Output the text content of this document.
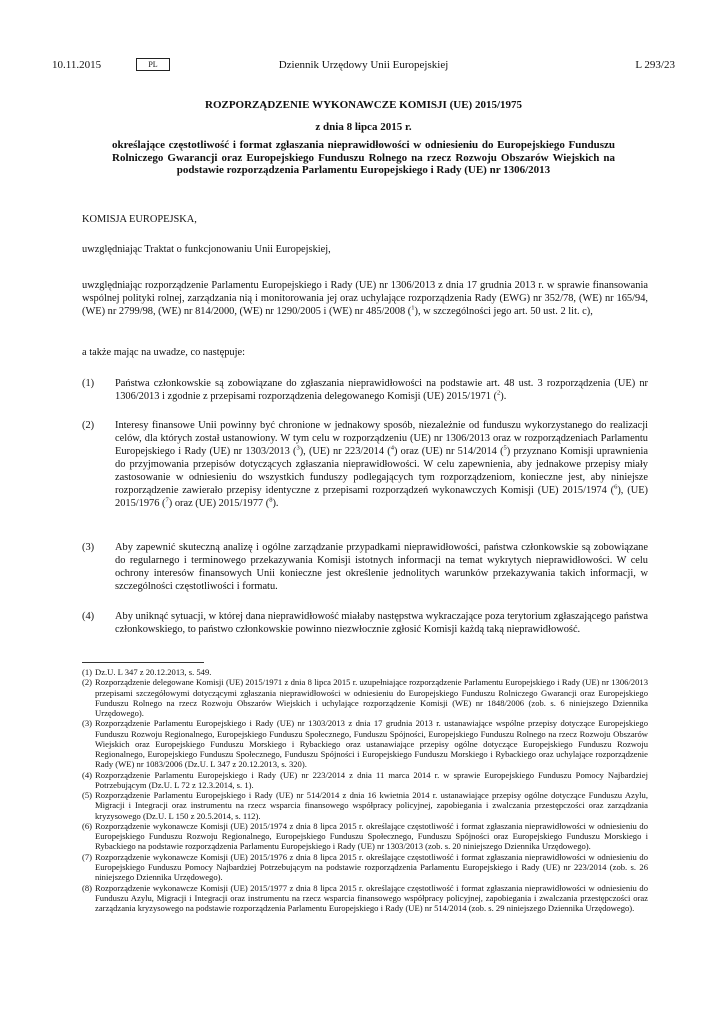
10.11.2015	PL	Dziennik Urzędowy Unii Europejskiej	L 293/23
ROZPORZĄDZENIE WYKONAWCZE KOMISJI (UE) 2015/1975
z dnia 8 lipca 2015 r.
określające częstotliwość i format zgłaszania nieprawidłowości w odniesieniu do Europejskiego Funduszu Rolniczego Gwarancji oraz Europejskiego Funduszu Rolnego na rzecz Rozwoju Obszarów Wiejskich na podstawie rozporządzenia Parlamentu Europejskiego i Rady (UE) nr 1306/2013
KOMISJA EUROPEJSKA,
uwzględniając Traktat o funkcjonowaniu Unii Europejskiej,
uwzględniając rozporządzenie Parlamentu Europejskiego i Rady (UE) nr 1306/2013 z dnia 17 grudnia 2013 r. w sprawie finansowania wspólnej polityki rolnej, zarządzania nią i monitorowania jej oraz uchylające rozporządzenia Rady (EWG) nr 352/78, (WE) nr 165/94, (WE) nr 2799/98, (WE) nr 814/2000, (WE) nr 1290/2005 i (WE) nr 485/2008 ($^1$), w szczególności jego art. 50 ust. 2 lit. c),
a także mając na uwadze, co następuje:
(1)	Państwa członkowskie są zobowiązane do zgłaszania nieprawidłowości na podstawie art. 48 ust. 3 rozporządzenia (UE) nr 1306/2013 i zgodnie z przepisami rozporządzenia delegowanego Komisji (UE) 2015/1971 ($^2$).
(2)	Interesy finansowe Unii powinny być chronione w jednakowy sposób, niezależnie od funduszu wykorzystanego do realizacji celów, dla których został ustanowiony. W tym celu w rozporządzeniu (UE) nr 1306/2013 oraz w rozporządzeniach Parlamentu Europejskiego i Rady (UE) nr 1303/2013 ($^3$), (UE) nr 223/2014 ($^4$) oraz (UE) nr 514/2014 ($^5$) przyznano Komisji uprawnienia do przyjmowania przepisów dotyczących zgłaszania nieprawidłowości. W celu zapewnienia, aby jednakowe przepisy miały zastosowanie w odniesieniu do wszystkich funduszy podlegających tym rozporządzeniom, konieczne jest, aby niniejsze rozporządzenie zawierało przepisy identyczne z przepisami rozporządzeń wykonawczych Komisji (UE) 2015/1974 ($^6$), (UE) 2015/1976 ($^7$) oraz (UE) 2015/1977 ($^8$).
(3)	Aby zapewnić skuteczną analizę i ogólne zarządzanie przypadkami nieprawidłowości, państwa członkowskie są zobowiązane do regularnego i terminowego przekazywania Komisji istotnych informacji na temat wykrytych nieprawidłowości. W celu ochrony interesów finansowych Unii konieczne jest określenie jednolitych warunków przekazywania takich informacji, w szczególności częstotliwości i formatu.
(4)	Aby uniknąć sytuacji, w której dana nieprawidłowość miałaby następstwa wykraczające poza terytorium zgłaszającego państwa członkowskiego, to państwo członkowskie powinno niezwłocznie zgłosić Komisji każdą taką nieprawidłowość.
(1) Dz.U. L 347 z 20.12.2013, s. 549.
(2) Rozporządzenie delegowane Komisji (UE) 2015/1971 z dnia 8 lipca 2015 r. uzupełniające rozporządzenie Parlamentu Europejskiego i Rady (UE) nr 1306/2013 przepisami szczegółowymi dotyczącymi zgłaszania nieprawidłowości w odniesieniu do Europejskiego Funduszu Rolniczego Gwarancji oraz Europejskiego Funduszu Rolnego na rzecz Rozwoju Obszarów Wiejskich i uchylające rozporządzenie Komisji (WE) nr 1848/2006 (zob. s. 6 niniejszego Dziennika Urzędowego).
(3) Rozporządzenie Parlamentu Europejskiego i Rady (UE) nr 1303/2013 z dnia 17 grudnia 2013 r. ustanawiające wspólne przepisy dotyczące Europejskiego Funduszu Rozwoju Regionalnego, Europejskiego Funduszu Społecznego, Funduszu Spójności, Europejskiego Funduszu Rolnego na rzecz Rozwoju Obszarów Wiejskich oraz Europejskiego Funduszu Morskiego i Rybackiego oraz ustanawiające przepisy ogólne dotyczące Europejskiego Funduszu Rozwoju Regionalnego, Europejskiego Funduszu Społecznego, Funduszu Spójności i Europejskiego Funduszu Morskiego i Rybackiego oraz uchylające rozporządzenie Rady (WE) nr 1083/2006 (Dz.U. L 347 z 20.12.2013, s. 320).
(4) Rozporządzenie Parlamentu Europejskiego i Rady (UE) nr 223/2014 z dnia 11 marca 2014 r. w sprawie Europejskiego Funduszu Pomocy Najbardziej Potrzebującym (Dz.U. L 72 z 12.3.2014, s. 1).
(5) Rozporządzenie Parlamentu Europejskiego i Rady (UE) nr 514/2014 z dnia 16 kwietnia 2014 r. ustanawiające przepisy ogólne dotyczące Funduszu Azylu, Migracji i Integracji oraz instrumentu na rzecz wsparcia finansowego współpracy policyjnej, zapobiegania i zwalczania przestępczości oraz zarządzania kryzysowego (Dz.U. L 150 z 20.5.2014, s. 112).
(6) Rozporządzenie wykonawcze Komisji (UE) 2015/1974 z dnia 8 lipca 2015 r. określające częstotliwość i format zgłaszania nieprawidłowości w odniesieniu do Europejskiego Funduszu Rozwoju Regionalnego, Europejskiego Funduszu Społecznego, Funduszu Spójności oraz Europejskiego Funduszu Morskiego i Rybackiego na podstawie rozporządzenia Parlamentu Europejskiego i Rady (UE) nr 1303/2013 (zob. s. 20 niniejszego Dziennika Urzędowego).
(7) Rozporządzenie wykonawcze Komisji (UE) 2015/1976 z dnia 8 lipca 2015 r. określające częstotliwość i format zgłaszania nieprawidłowości w odniesieniu do Europejskiego Funduszu Pomocy Najbardziej Potrzebującym na podstawie rozporządzenia Parlamentu Europejskiego i Rady (UE) nr 223/2014 (zob. s. 26 niniejszego Dziennika Urzędowego).
(8) Rozporządzenie wykonawcze Komisji (UE) 2015/1977 z dnia 8 lipca 2015 r. określające częstotliwość i format zgłaszania nieprawidłowości w odniesieniu do Funduszu Azylu, Migracji i Integracji oraz instrumentu na rzecz wsparcia finansowego współpracy policyjnej, zapobiegania i zwalczania przestępczości oraz zarządzania kryzysowego na podstawie rozporządzenia Parlamentu Europejskiego i Rady (UE) nr 514/2014 (zob. s. 29 niniejszego Dziennika Urzędowego).
